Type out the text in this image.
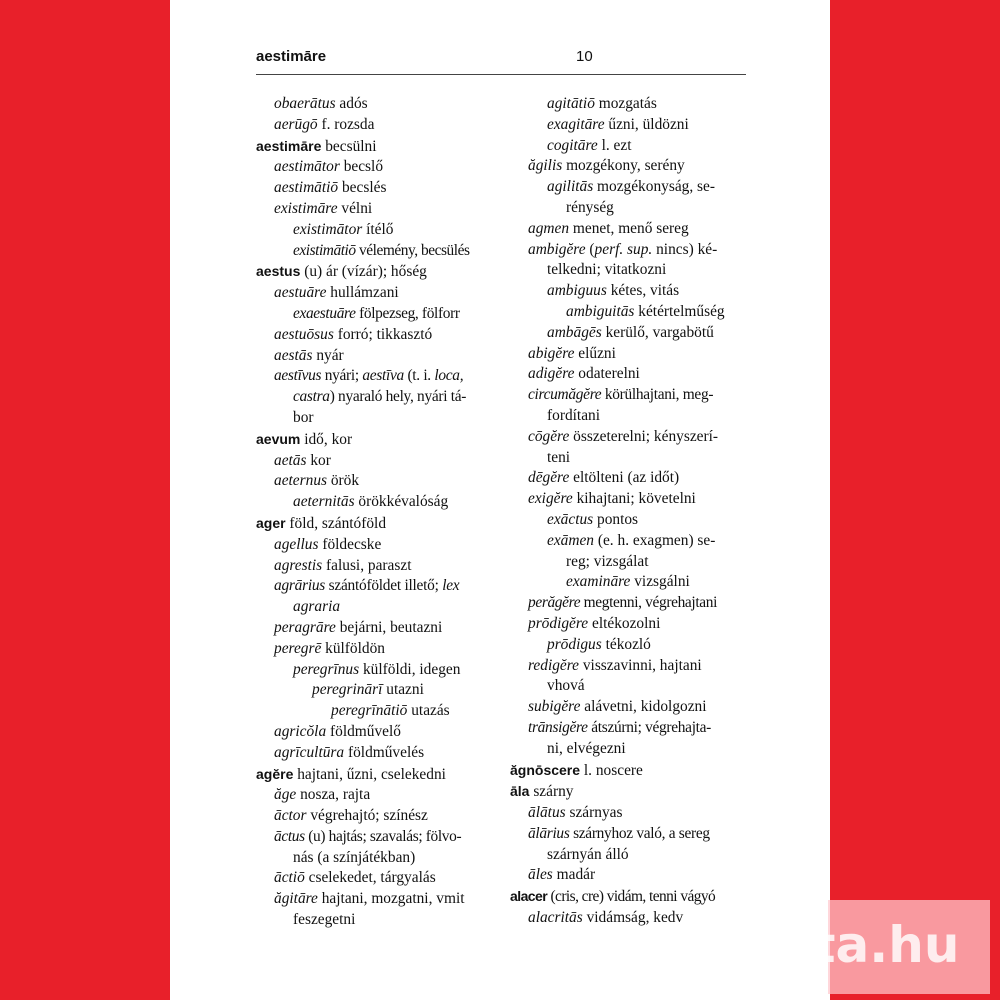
aestimāre	10
obaerātus adós
aerūgō f. rozsda
aestimāre becsülni
aestimātor becslő
aestimātiō becslés
existimāre vélni
existimātor ítélő
existimātiō vélemény, becsülés
aestus (u) ár (vízár); hőség
aestuāre hullámzani
exaestuāre fölpezseg, fölforr
aestuōsus forró; tikkasztó
aestās nyár
aestīvus nyári; aestīva (t. i. loca,
castra) nyaraló hely, nyári tá-
bor
aevum idő, kor
aetās kor
aeternus örök
aeternitās örökkévalóság
ager föld, szántóföld
agellus földecske
agrestis falusi, paraszt
agrārius szántóföldet illető; lex
agraria
peragrāre bejárni, beutazni
peregrē külföldön
peregrīnus külföldi, idegen
peregrinārī utazni
peregrīnātiō utazás
agricŏla földművelő
agrīcultūra földművelés
agĕre hajtani, űzni, cselekedni
ăge nosza, rajta
āctor végrehajtó; színész
āctus (u) hajtás; szavalás; fölvo-
nás (a színjátékban)
āctiō cselekedet, tárgyalás
ăgitāre hajtani, mozgatni, vmit
feszegetni
agitātiō mozgatás
exagitāre űzni, üldözni
cogitāre l. ezt
ăgilis mozgékony, serény
agilitās mozgékonyság, se-
rénység
agmen menet, menő sereg
ambigĕre (perf. sup. nincs) ké-
telkedni; vitatkozni
ambiguus kétes, vitás
ambiguitās kétértelműség
ambāgēs kerülő, vargabötű
abigĕre elűzni
adigĕre odaterelni
circumăgĕre körülhajtani, meg-
fordítani
cōgĕre összeterelni; kényszerí-
teni
dēgĕre eltölteni (az időt)
exigĕre kihajtani; követelni
exāctus pontos
exāmen (e. h. exagmen) se-
reg; vizsgálat
examināre vizsgálni
perăgĕre megtenni, végrehajtani
prōdigĕre eltékozolni
prōdigus tékozló
redigĕre visszavinni, hajtani
vhová
subigĕre alávetni, kidolgozni
trānsigĕre átszúrni; végrehajta-
ni, elvégezni
ăgnōscere l. noscere
āla szárny
ālātus szárnyas
ālārius szárnyhoz való, a sereg
szárnyán álló
āles madár
alacer (cris, cre) vidám, tenni vágyó
alacritās vidámság, kedv	tinta.hu
